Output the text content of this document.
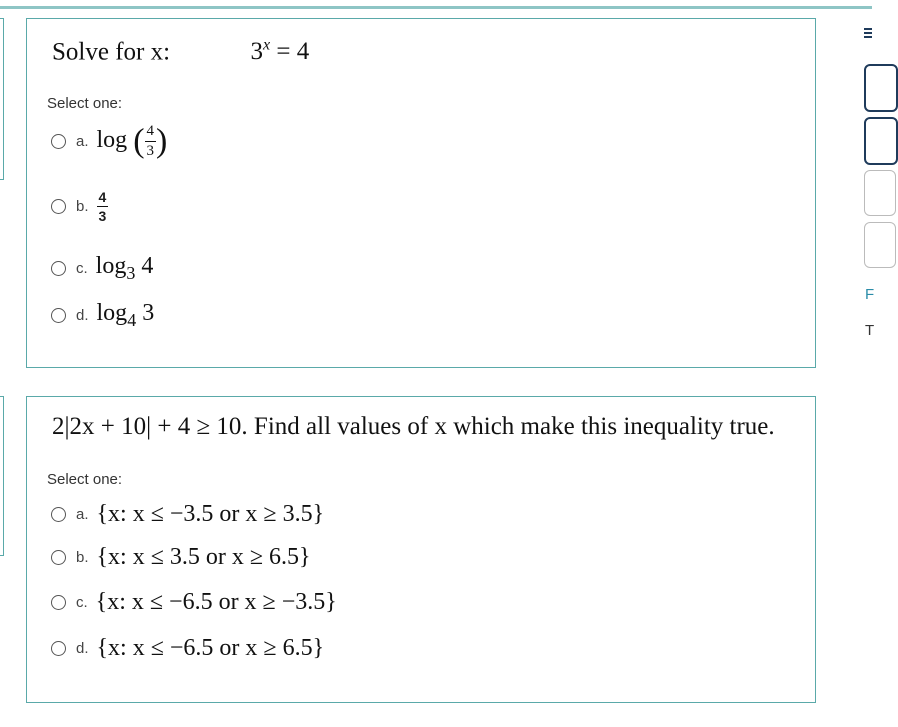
Solve for x:	$3^x = 4$
Select one:
a. log ( $\frac{4}{3}$ )
b. $\frac{4}{3}$
c. $\log_3 4$
d. $\log_4 3$
2|2x + 10| + 4 ≥ 10. Find all values of x which make this inequality true.
Select one:
a. {x: x ≤ −3.5 or x ≥ 3.5}
b. {x: x ≤ 3.5 or x ≥ 6.5}
c. {x: x ≤ −6.5 or x ≥ −3.5}
d. {x: x ≤ −6.5 or x ≥ 6.5}
F
T
